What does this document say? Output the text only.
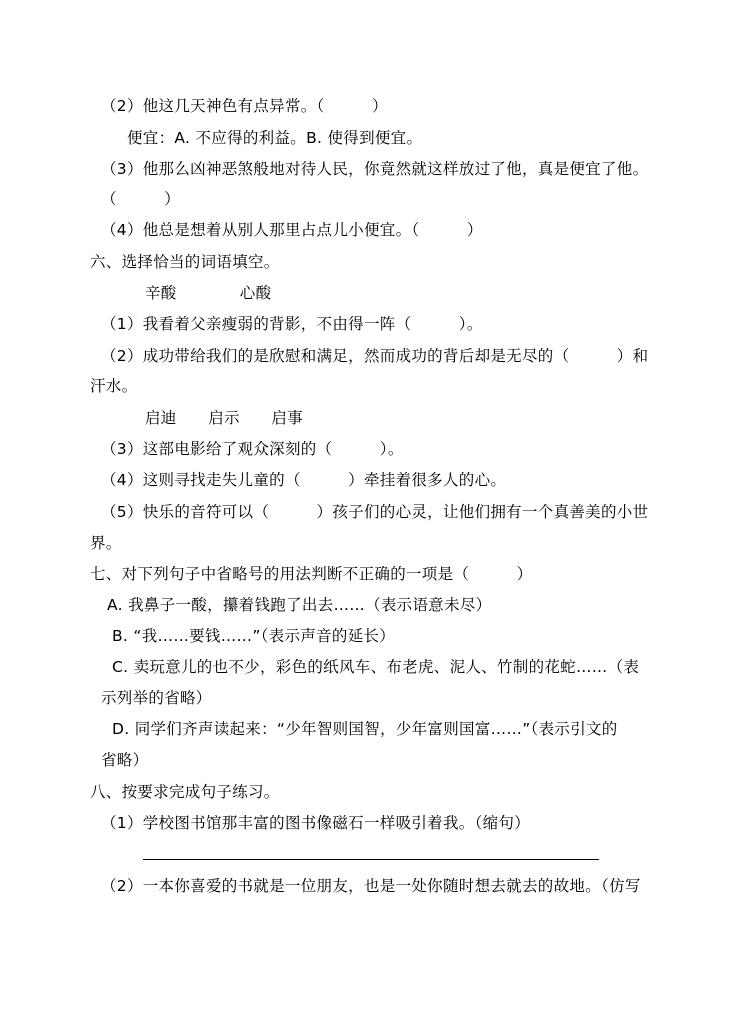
（2）他这几天神色有点异常。（　　　）
便宜：A. 不应得的利益。B. 使得到便宜。
（3）他那么凶神恶煞般地对待人民，你竟然就这样放过了他，真是便宜了他。
（　　　）
（4）他总是想着从别人那里占点儿小便宜。（　　　）
六、选择恰当的词语填空。
辛酸　　　　心酸
（1）我看着父亲瘦弱的背影，不由得一阵（　　　）。
（2）成功带给我们的是欣慰和满足，然而成功的背后却是无尽的（　　　）和
汗水。
启迪　　启示　　启事
（3）这部电影给了观众深刻的（　　　）。
（4）这则寻找走失儿童的（　　　）牵挂着很多人的心。
（5）快乐的音符可以（　　　）孩子们的心灵，让他们拥有一个真善美的小世
界。
七、对下列句子中省略号的用法判断不正确的一项是（　　　）
A. 我鼻子一酸，攥着钱跑了出去……（表示语意未尽）
B. “我……要钱……”（表示声音的延长）
C. 卖玩意儿的也不少，彩色的纸风车、布老虎、泥人、竹制的花蛇……（表
示列举的省略）
D. 同学们齐声读起来：“少年智则国智，少年富则国富……”（表示引文的
省略）
八、按要求完成句子练习。
（1）学校图书馆那丰富的图书像磁石一样吸引着我。（缩句）
（2）一本你喜爱的书就是一位朋友，也是一处你随时想去就去的故地。（仿写
